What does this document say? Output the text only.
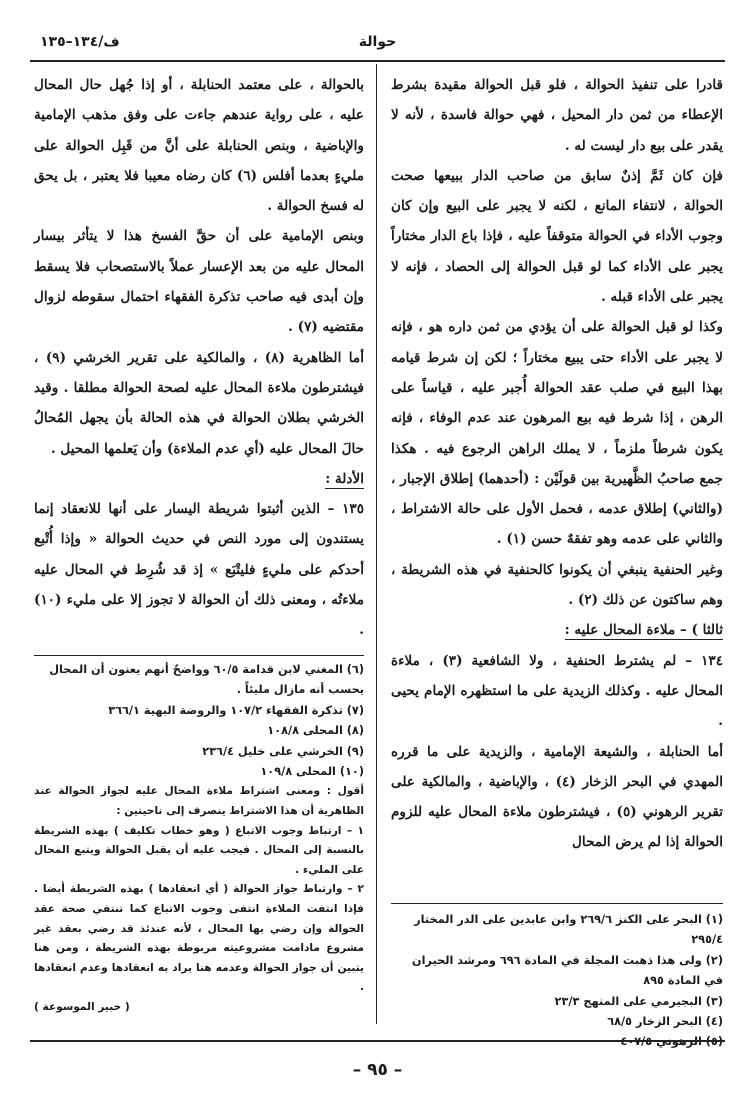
حوالة
ف/١٣٤–١٣٥

قادرا على تنفيذ الحوالة ، فلو قبل الحوالة مقيدة بشرط الإعطاء من ثمن دار المحيل ، فهي حوالة فاسدة ، لأنه لا يقدر على بيع دار ليست له .

فإن كان ثَمَّ إذنٌ سابق من صاحب الدار ببيعها صحت الحوالة ، لانتفاء المانع ، لكنه لا يجبر على البيع وإن كان وجوب الأداء في الحوالة متوقفاً عليه ، فإذا باع الدار مختاراً يجبر على الأداء كما لو قبل الحوالة إلى الحصاد ، فإنه لا يجبر على الأداء قبله .

وكذا لو قبل الحوالة على أن يؤدي من ثمن داره هو ، فإنه لا يجبر على الأداء حتى يبيع مختاراً ؛ لكن إن شرط قيامه بهذا البيع في صلب عقد الحوالة أُجبر عليه ، قياساً على الرهن ، إذا شرط فيه بيع المرهون عند عدم الوفاء ، فإنه يكون شرطاً ملزماً ، لا يملك الراهن الرجوع فيه . هكذا جمع صاحبُ الظَّهيرية بين قولَيْن : (أحدهما) إطلاق الإجبار ، (والثاني) إطلاق عدمه ، فحمل الأول على حالة الاشتراط ، والثاني على عدمه وهو تفقهٌ حسن (١) .

وغير الحنفية ينبغي أن يكونوا كالحنفية في هذه الشريطة ، وهم ساكتون عن ذلك (٢) .

ثالثا ) – ملاءة المحال عليه :

١٣٤ – لم يشترط الحنفية ، ولا الشافعية (٣) ، ملاءة المحال عليه . وكذلك الزيدية على ما استظهره الإمام يحيى .

أما الحنابلة ، والشيعة الإمامية ، والزيدية على ما قرره المهدي في البحر الزخار (٤) ، والإباضية ، والمالكية على تقرير الرهوني (٥) ، فيشترطون ملاءة المحال عليه للزوم الحوالة إذا لم يرض المحال

بالحوالة ، على معتمد الحنابلة ، أو إذا جُهل حال المحال عليه ، على رواية عندهم جاءت على وفق مذهب الإمامية والإباضية ، وبنص الحنابلة على أنَّ من قَبِل الحوالة على مليءٍ بعدما أفلس (٦) كان رضاه معيبا فلا يعتبر ، بل يحق له فسخ الحوالة .

وبنص الإمامية على أن حقَّ الفسخ هذا لا يتأثر بيسار المحال عليه من بعد الإعسار عملاً بالاستصحاب فلا يسقط وإن أبدى فيه صاحب تذكرة الفقهاء احتمال سقوطه لزوال مقتضيه (٧) .

أما الظاهرية (٨) ، والمالكية على تقرير الخرشي (٩) ، فيشترطون ملاءة المحال عليه لصحة الحوالة مطلقا . وقيد الخرشي بطلان الحوالة في هذه الحالة بأن يجهل المُحالُ حالَ المحال عليه (أي عدم الملاءة) وأن يَعلمها المحيل .

الأدلة :

١٣٥ – الذين أثبتوا شريطة اليسار على أنها للانعقاد إنما يستندون إلى مورد النص في حديث الحوالة « وإذا أُتْبع أحدكم على مليءٍ فليتْبَع » إذ قد شُرِط في المحال عليه ملاءتُه ، ومعنى ذلك أن الحوالة لا تجوز إلا على مليء (١٠) .

(٦) المغني لابن قدامة ٦٠/٥ وواضحٌ أنهم يعنون أن المحال يحسب أنه مازال مليئاً .

(٧) تذكرة الفقهاء ١٠٧/٢ والروضة البهية ٣٦٦/١

(٨) المحلى ١٠٨/٨

(٩) الخرشي على خليل ٢٣٦/٤

(١٠) المحلى ١٠٩/٨

أقول : ومعنى اشتراط ملاءة المحال عليه لجواز الحوالة عند الظاهرية أن هذا الاشتراط ينصرف إلى ناحيتين :

١ – ارتباط وجوب الاتباع ( وهو خطاب تكليف ) بهذه الشريطة بالنسبة إلى المحال . فيجب عليه أن يقبل الحوالة ويتبع المحال على المليء .

٢ – وارتباط جواز الحوالة ( أي انعقادها ) بهذه الشريطة أيضا . فإذا انتفت الملاءة انتفى وجوب الاتباع كما تنتفي صحة عقد الحوالة وإن رضي بها المحال ، لأنه عندئذ قد رضي بعقد غير مشروع مادامت مشروعيته مربوطة بهذه الشريطة ، ومن هنا يتبين أن جواز الحوالة وعدمه هنا يراد به انعقادها وعدم انعقادها .

( خبير الموسوعة )

(١) البحر على الكنز ٢٦٩/٦ وابن عابدين على الدر المختار ٢٩٥/٤

(٢) ولى هذا ذهبت المجلة في المادة ٦٩٦ ومرشد الحيران في المادة ٨٩٥

(٣) البجيرمي على المنهج ٢٣/٣

(٤) البحر الزخار ٦٨/٥

(٥) الرهوني ٤٠٧/٥

– ٩٥ –
